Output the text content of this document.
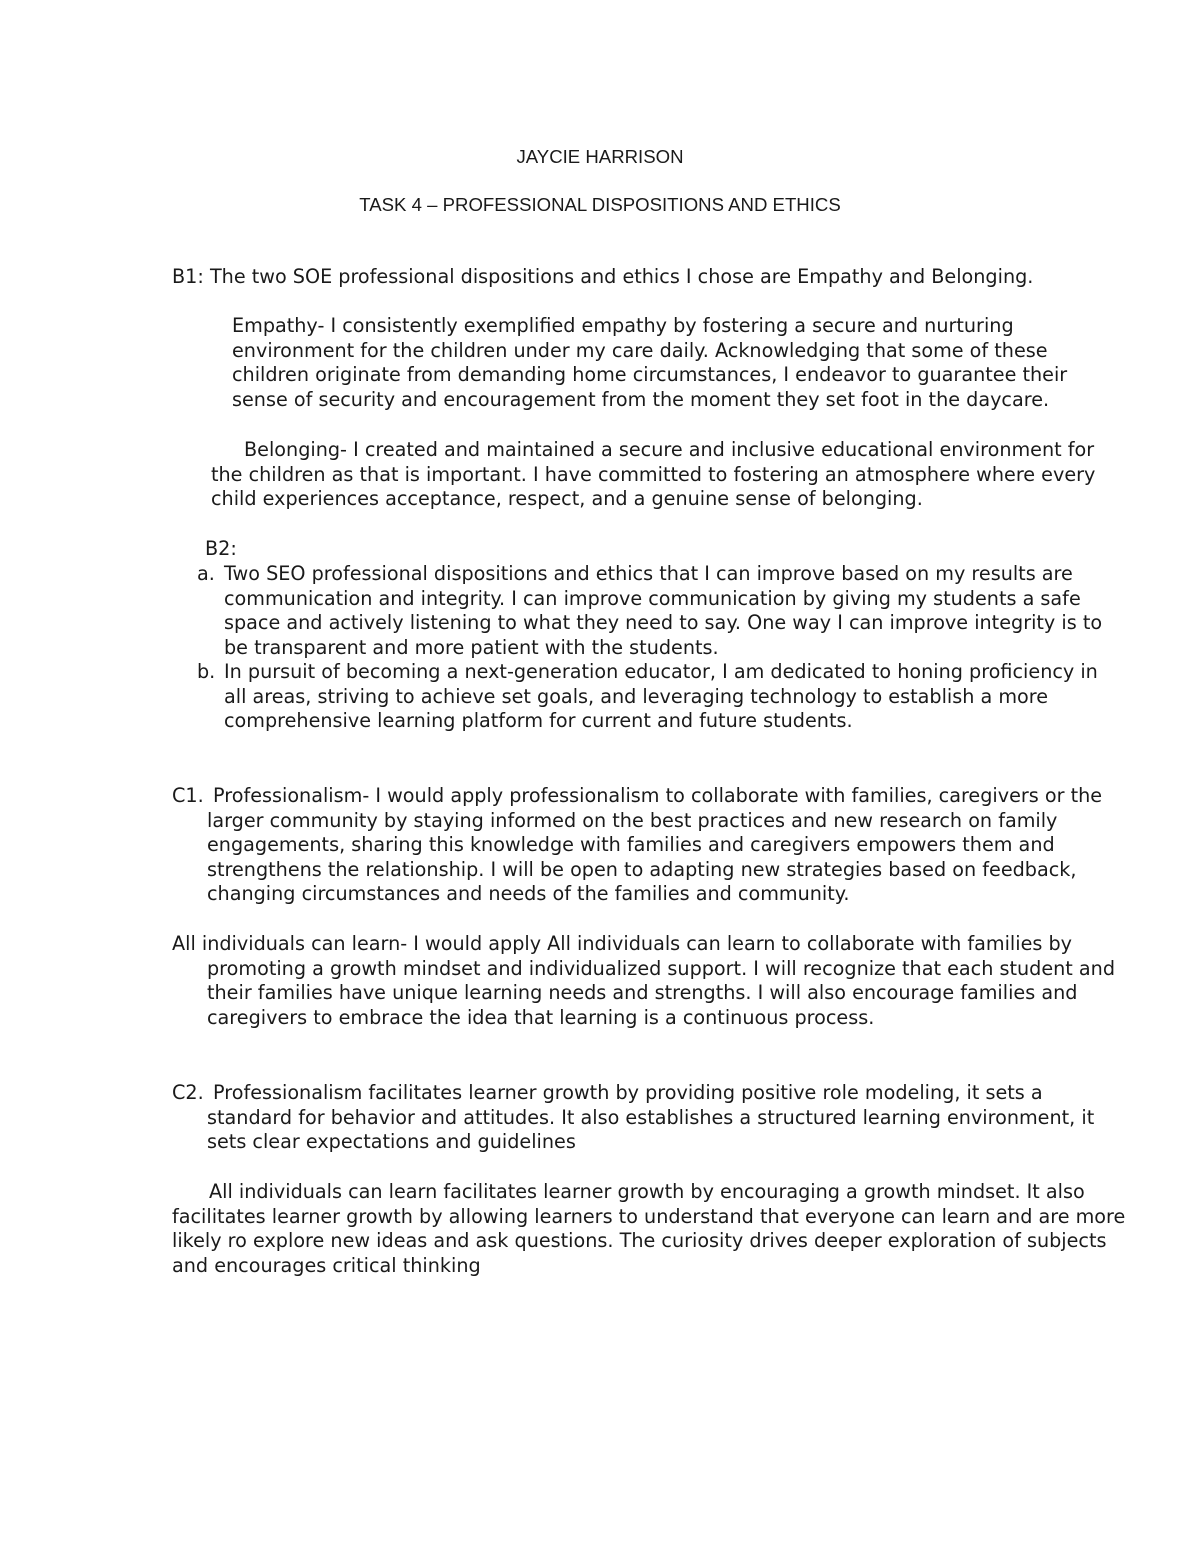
JAYCIE HARRISON
TASK 4 – PROFESSIONAL DISPOSITIONS AND ETHICS
B1: The two SOE professional dispositions and ethics I chose are Empathy and Belonging.
Empathy- I consistently exemplified empathy by fostering a secure and nurturing
environment for the children under my care daily. Acknowledging that some of these
children originate from demanding home circumstances, I endeavor to guarantee their
sense of security and encouragement from the moment they set foot in the daycare.
Belonging- I created and maintained a secure and inclusive educational environment for
the children as that is important. I have committed to fostering an atmosphere where every
child experiences acceptance, respect, and a genuine sense of belonging.
B2:
a. Two SEO professional dispositions and ethics that I can improve based on my results are
communication and integrity. I can improve communication by giving my students a safe
space and actively listening to what they need to say. One way I can improve integrity is to
be transparent and more patient with the students.
b. In pursuit of becoming a next-generation educator, I am dedicated to honing proficiency in
all areas, striving to achieve set goals, and leveraging technology to establish a more
comprehensive learning platform for current and future students.
C1. Professionalism- I would apply professionalism to collaborate with families, caregivers or the
larger community by staying informed on the best practices and new research on family
engagements, sharing this knowledge with families and caregivers empowers them and
strengthens the relationship. I will be open to adapting new strategies based on feedback,
changing circumstances and needs of the families and community.
All individuals can learn- I would apply All individuals can learn to collaborate with families by
promoting a growth mindset and individualized support. I will recognize that each student and
their families have unique learning needs and strengths. I will also encourage families and
caregivers to embrace the idea that learning is a continuous process.
C2. Professionalism facilitates learner growth by providing positive role modeling, it sets a
standard for behavior and attitudes. It also establishes a structured learning environment, it
sets clear expectations and guidelines
All individuals can learn facilitates learner growth by encouraging a growth mindset. It also
facilitates learner growth by allowing learners to understand that everyone can learn and are more
likely ro explore new ideas and ask questions. The curiosity drives deeper exploration of subjects
and encourages critical thinking
